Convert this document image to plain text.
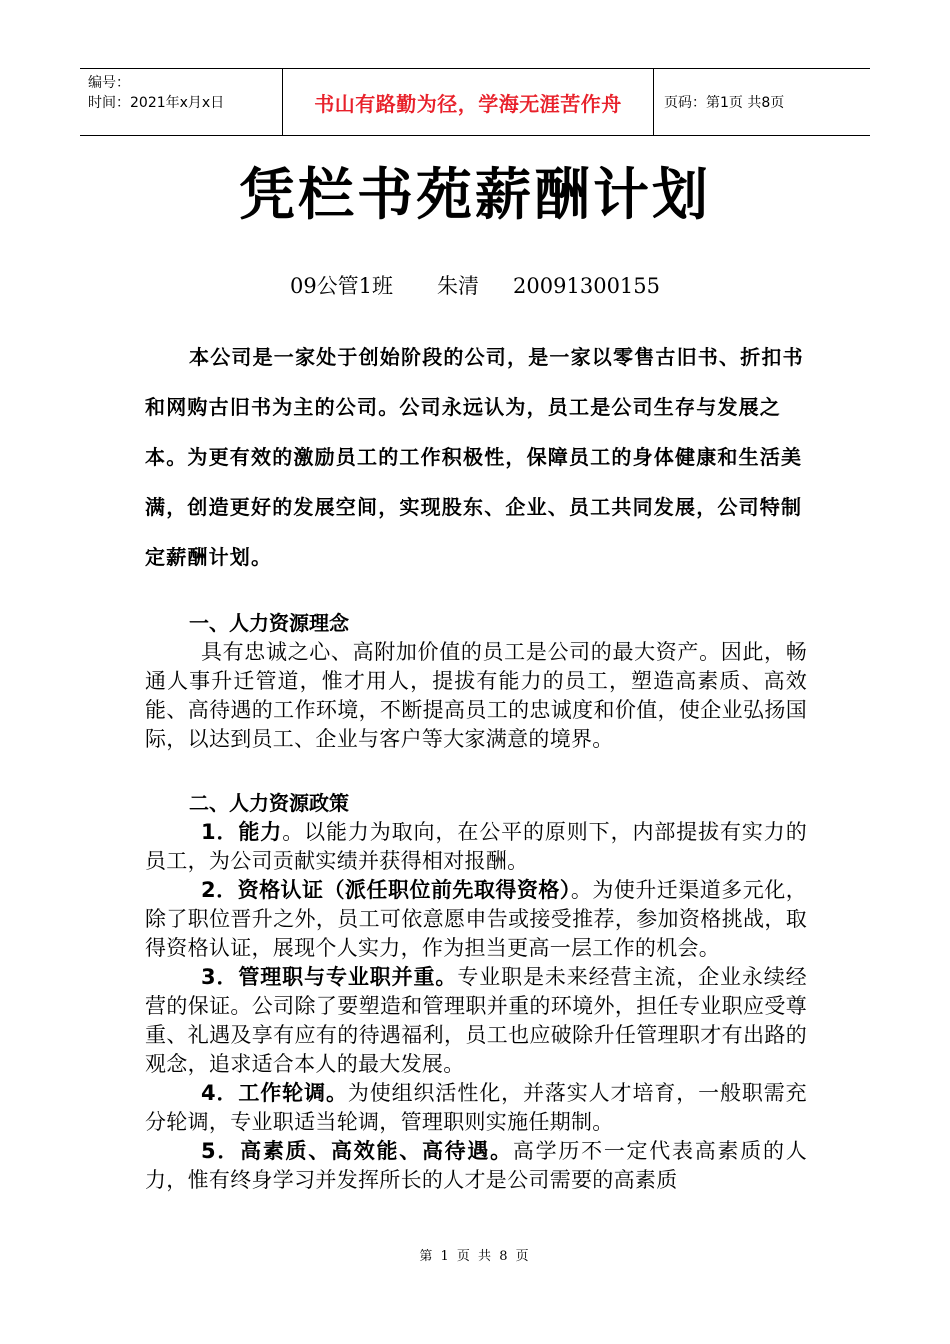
编号：
时间：2021年x月x日	书山有路勤为径，学海无涯苦作舟	页码：第1页 共8页
凭栏书苑薪酬计划
09公管1班 朱清 20091300155

本公司是一家处于创始阶段的公司，是一家以零售古旧书、折扣书和网购古旧书为主的公司。公司永远认为，员工是公司生存与发展之本。为更有效的激励员工的工作积极性，保障员工的身体健康和生活美满，创造更好的发展空间，实现股东、企业、员工共同发展，公司特制定薪酬计划。

一、人力资源理念

具有忠诚之心、高附加价值的员工是公司的最大资产。因此，畅通人事升迁管道，惟才用人，提拔有能力的员工，塑造高素质、高效能、高待遇的工作环境，不断提高员工的忠诚度和价值，使企业弘扬国际，以达到员工、企业与客户等大家满意的境界。

二、人力资源政策

1．能力。以能力为取向，在公平的原则下，内部提拔有实力的员工，为公司贡献实绩并获得相对报酬。

2．资格认证（派任职位前先取得资格）。为使升迁渠道多元化，除了职位晋升之外，员工可依意愿申告或接受推荐，参加资格挑战，取得资格认证，展现个人实力，作为担当更高一层工作的机会。

3．管理职与专业职并重。专业职是未来经营主流，企业永续经营的保证。公司除了要塑造和管理职并重的环境外，担任专业职应受尊重、礼遇及享有应有的待遇福利，员工也应破除升任管理职才有出路的观念，追求适合本人的最大发展。

4．工作轮调。为使组织活性化，并落实人才培育，一般职需充分轮调，专业职适当轮调，管理职则实施任期制。

5．高素质、高效能、高待遇。高学历不一定代表高素质的人力，惟有终身学习并发挥所长的人才是公司需要的高素质

第 1 页 共 8 页
